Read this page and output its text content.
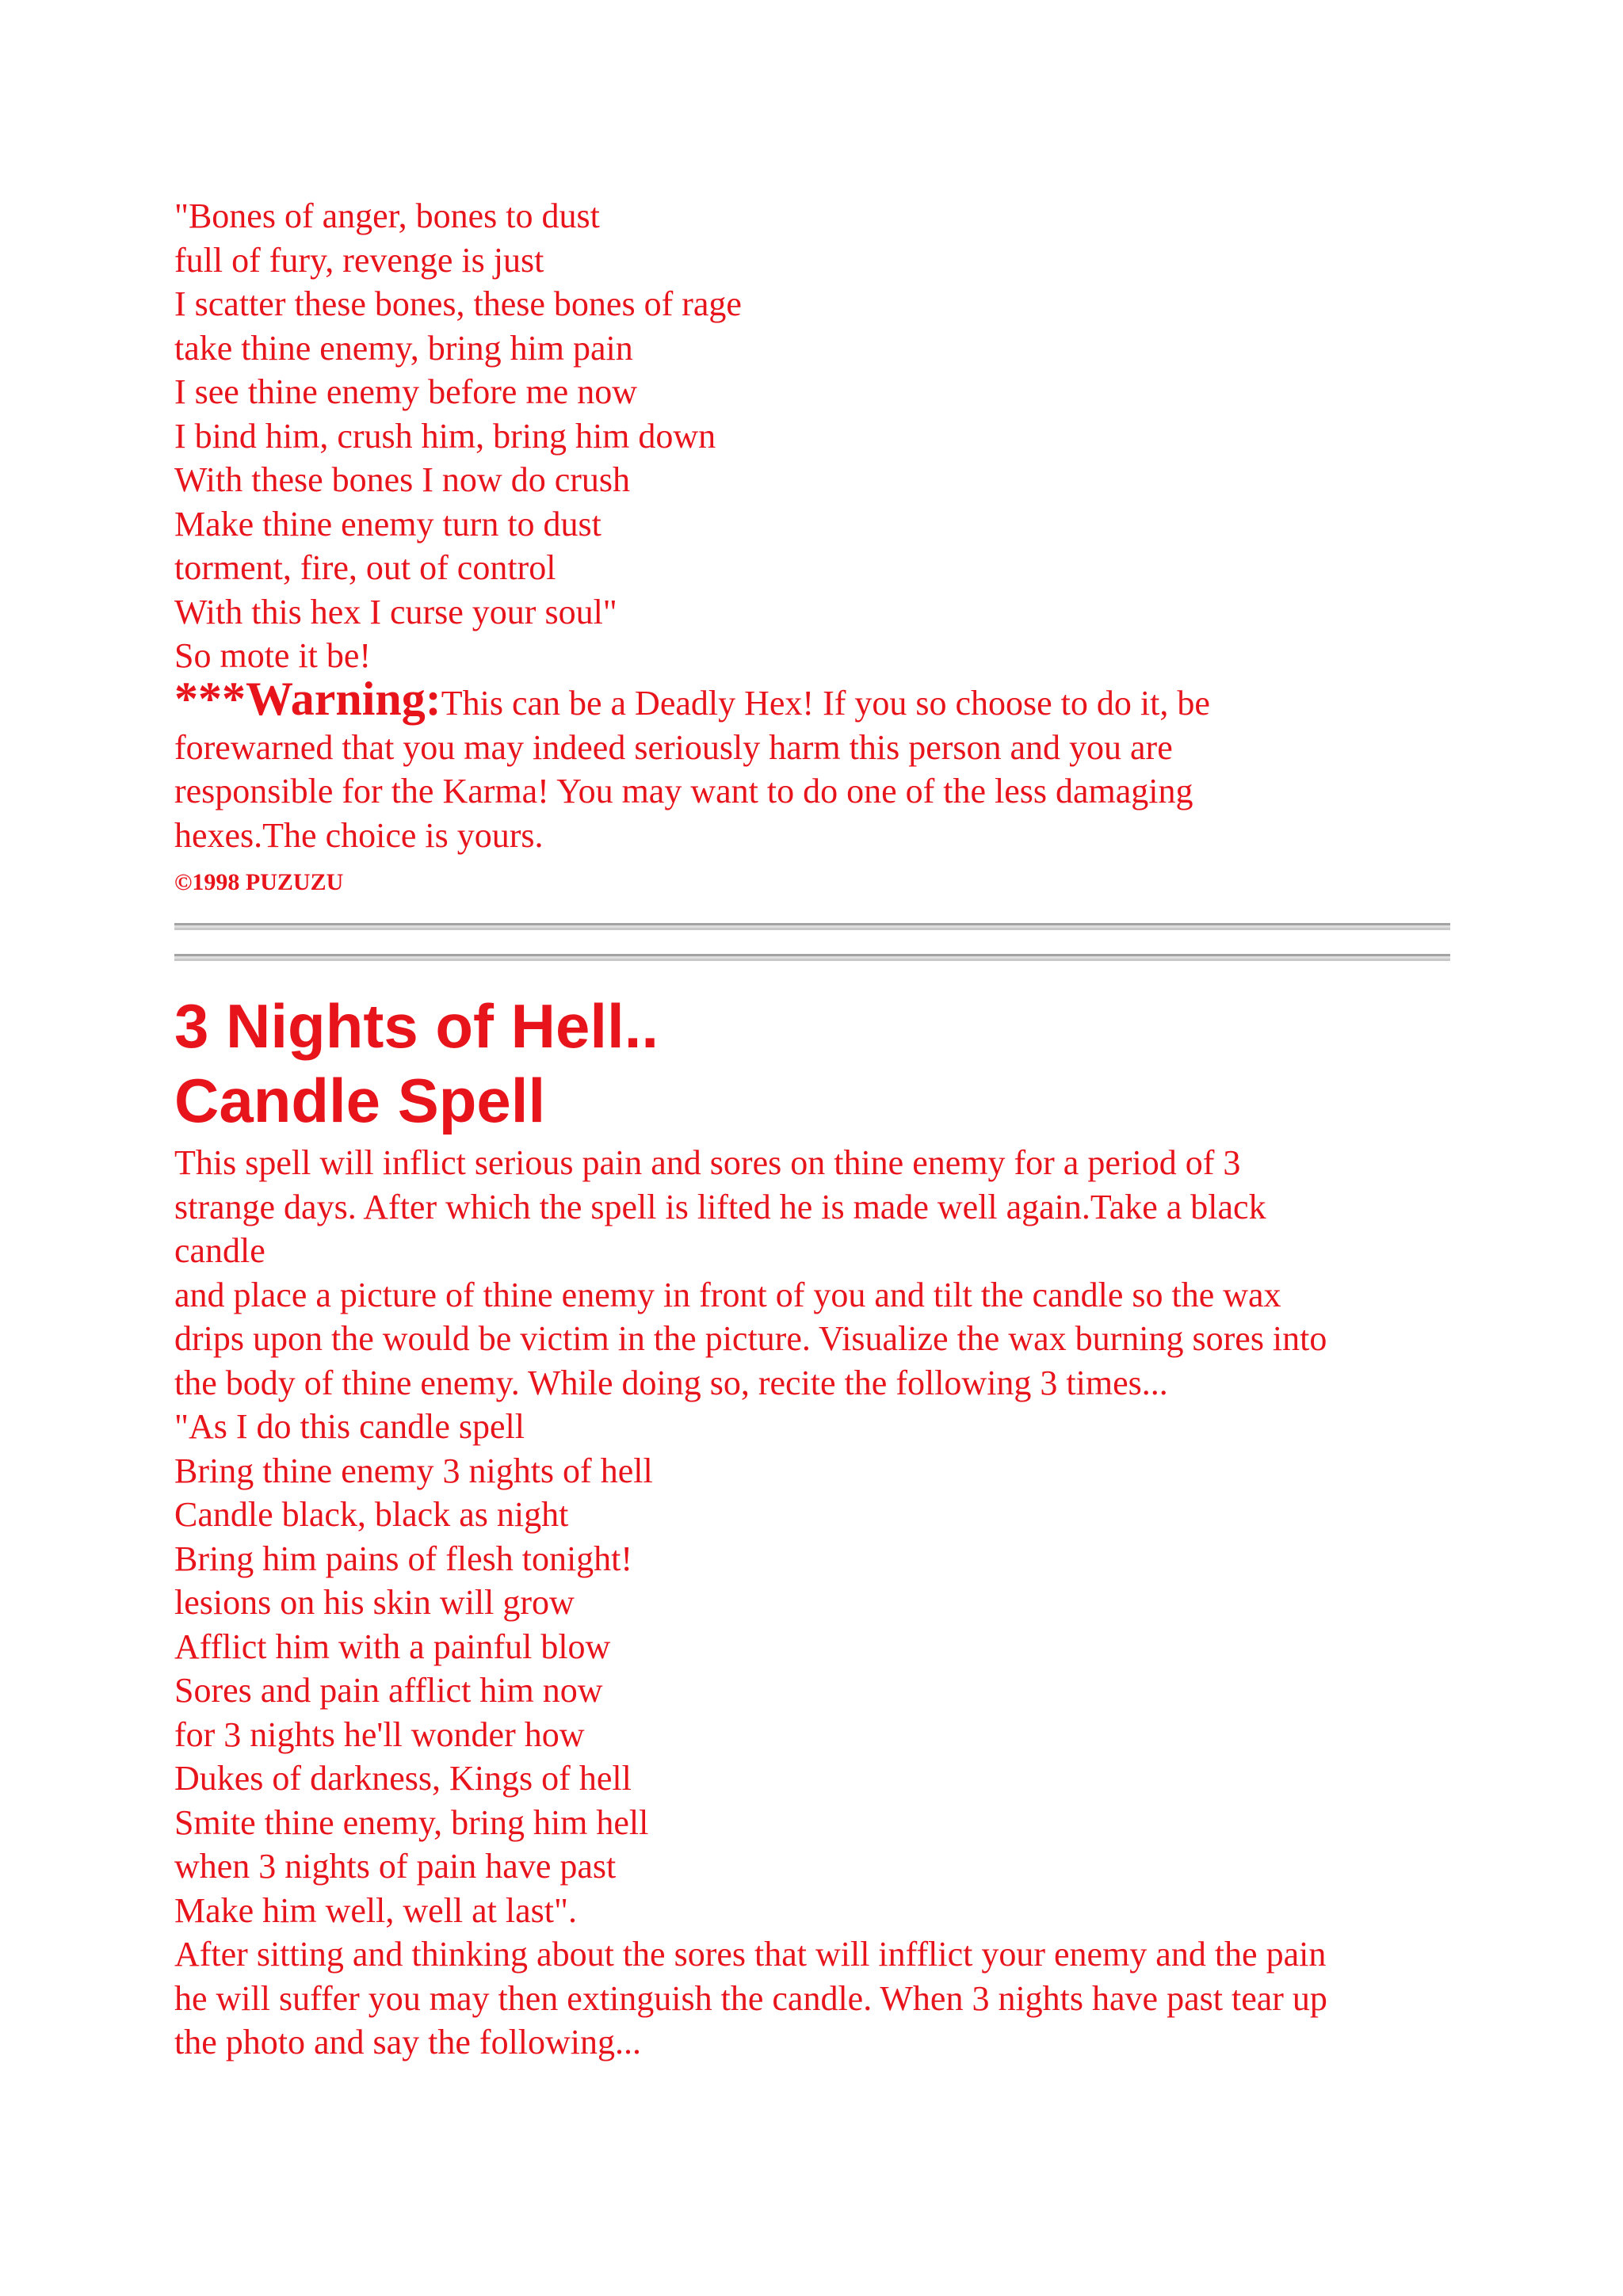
"Bones of anger, bones to dust
full of fury, revenge is just
I scatter these bones, these bones of rage
take thine enemy, bring him pain
I see thine enemy before me now
I bind him, crush him, bring him down
With these bones I now do crush
Make thine enemy turn to dust
torment, fire, out of control
With this hex I curse your soul"
So mote it be!

***Warning:This can be a Deadly Hex! If you so choose to do it, be

forewarned that you may indeed seriously harm this person and you are

responsible for the Karma! You may want to do one of the less damaging

hexes.The choice is yours.

©1998 PUZUZU

3 Nights of Hell..
Candle Spell
This spell will inflict serious pain and sores on thine enemy for a period of 3
strange days. After which the spell is lifted he is made well again.Take a black
candle
and place a picture of thine enemy in front of you and tilt the candle so the wax
drips upon the would be victim in the picture. Visualize the wax burning sores into
the body of thine enemy. While doing so, recite the following 3 times...
"As I do this candle spell
Bring thine enemy 3 nights of hell
Candle black, black as night
Bring him pains of flesh tonight!
lesions on his skin will grow
Afflict him with a painful blow
Sores and pain afflict him now
for 3 nights he'll wonder how
Dukes of darkness, Kings of hell
Smite thine enemy, bring him hell
when 3 nights of pain have past
Make him well, well at last".
After sitting and thinking about the sores that will infflict your enemy and the pain
he will suffer you may then extinguish the candle. When 3 nights have past tear up
the photo and say the following...
